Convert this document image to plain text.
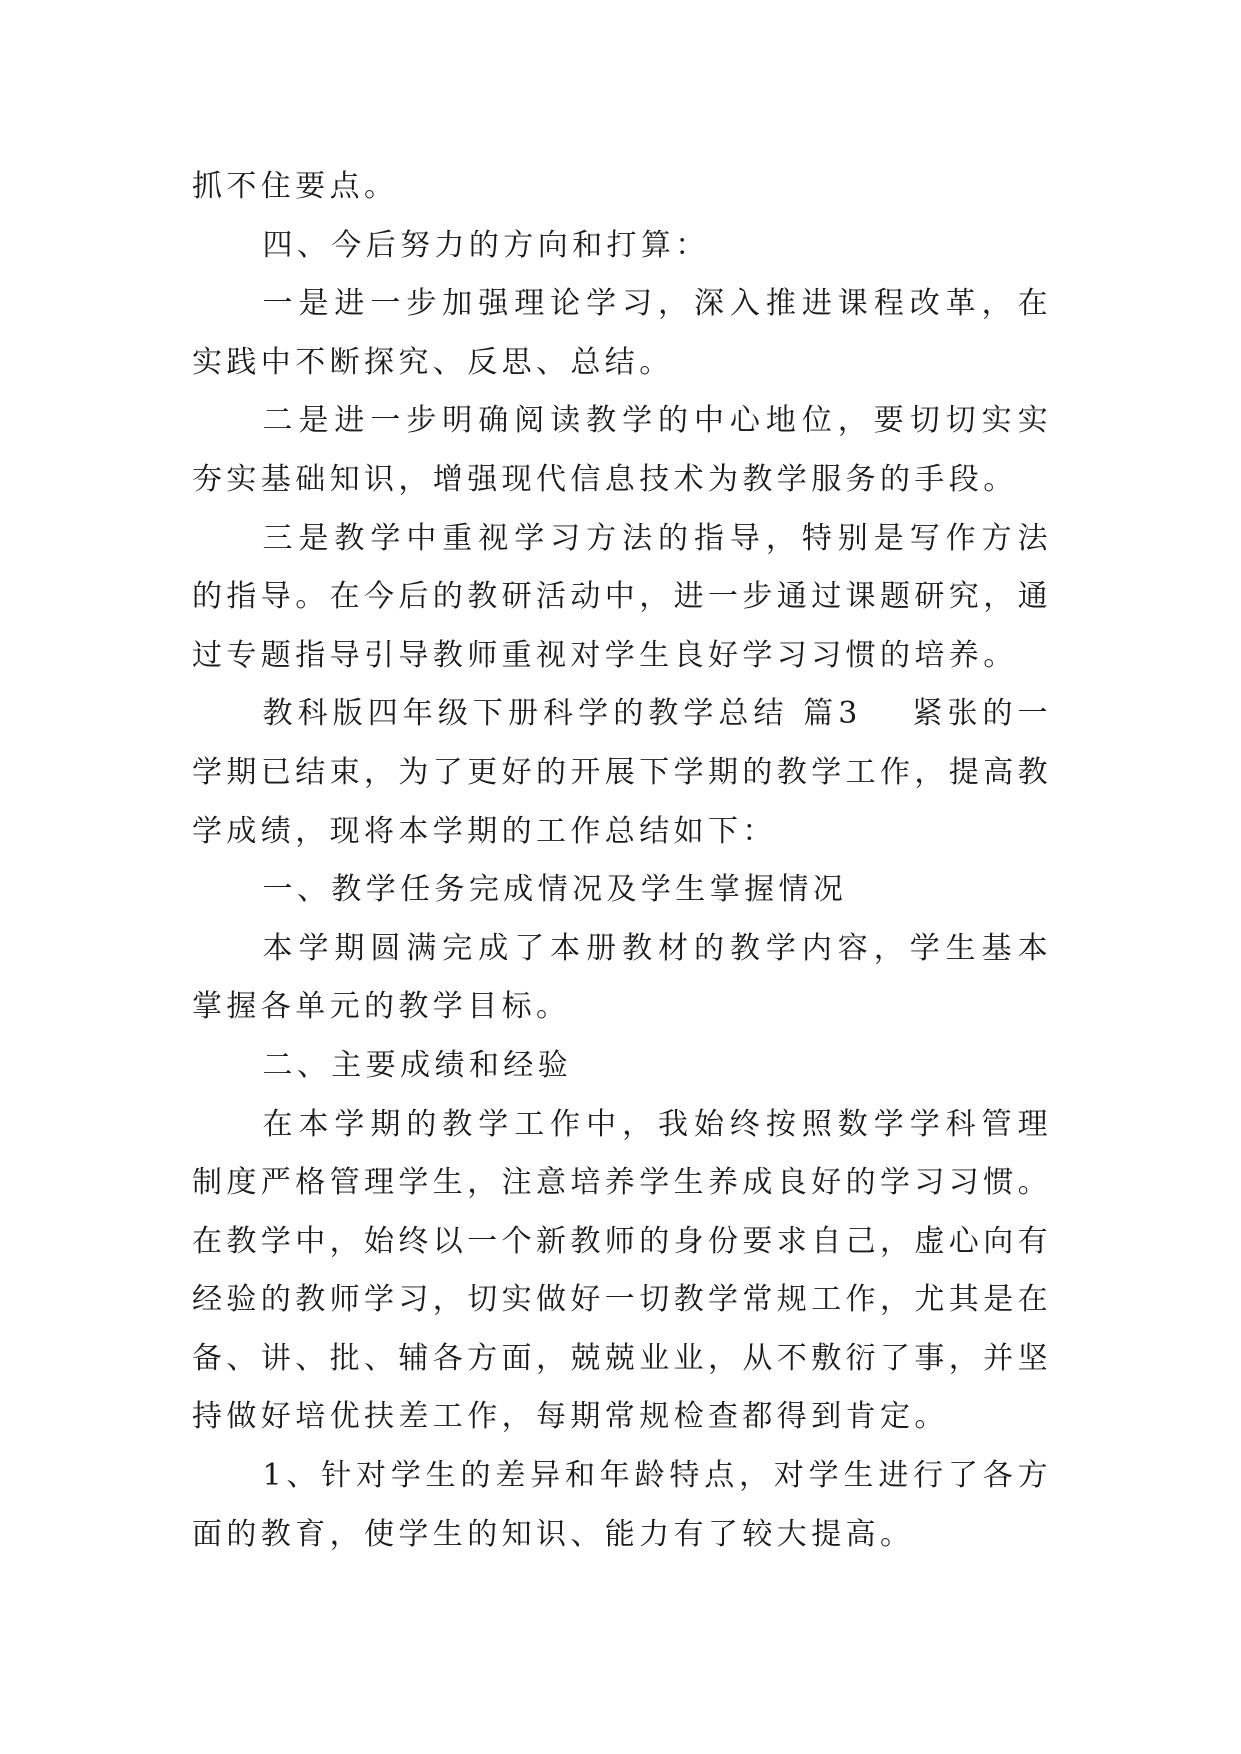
抓不住要点。

四、今后努力的方向和打算：

一是进一步加强理论学习，深入推进课程改革，在实践中不断探究、反思、总结。

二是进一步明确阅读教学的中心地位，要切切实实夯实基础知识，增强现代信息技术为教学服务的手段。

三是教学中重视学习方法的指导，特别是写作方法的指导。在今后的教研活动中，进一步通过课题研究，通过专题指导引导教师重视对学生良好学习习惯的培养。

教科版四年级下册科学的教学总结 篇3 紧张的一学期已结束，为了更好的开展下学期的教学工作，提高教学成绩，现将本学期的工作总结如下：

一、教学任务完成情况及学生掌握情况

本学期圆满完成了本册教材的教学内容，学生基本掌握各单元的教学目标。

二、主要成绩和经验

在本学期的教学工作中，我始终按照数学学科管理制度严格管理学生，注意培养学生养成良好的学习习惯。在教学中，始终以一个新教师的身份要求自己，虚心向有经验的教师学习，切实做好一切教学常规工作，尤其是在备、讲、批、辅各方面，兢兢业业，从不敷衍了事，并坚持做好培优扶差工作，每期常规检查都得到肯定。

1、针对学生的差异和年龄特点，对学生进行了各方面的教育，使学生的知识、能力有了较大提高。
